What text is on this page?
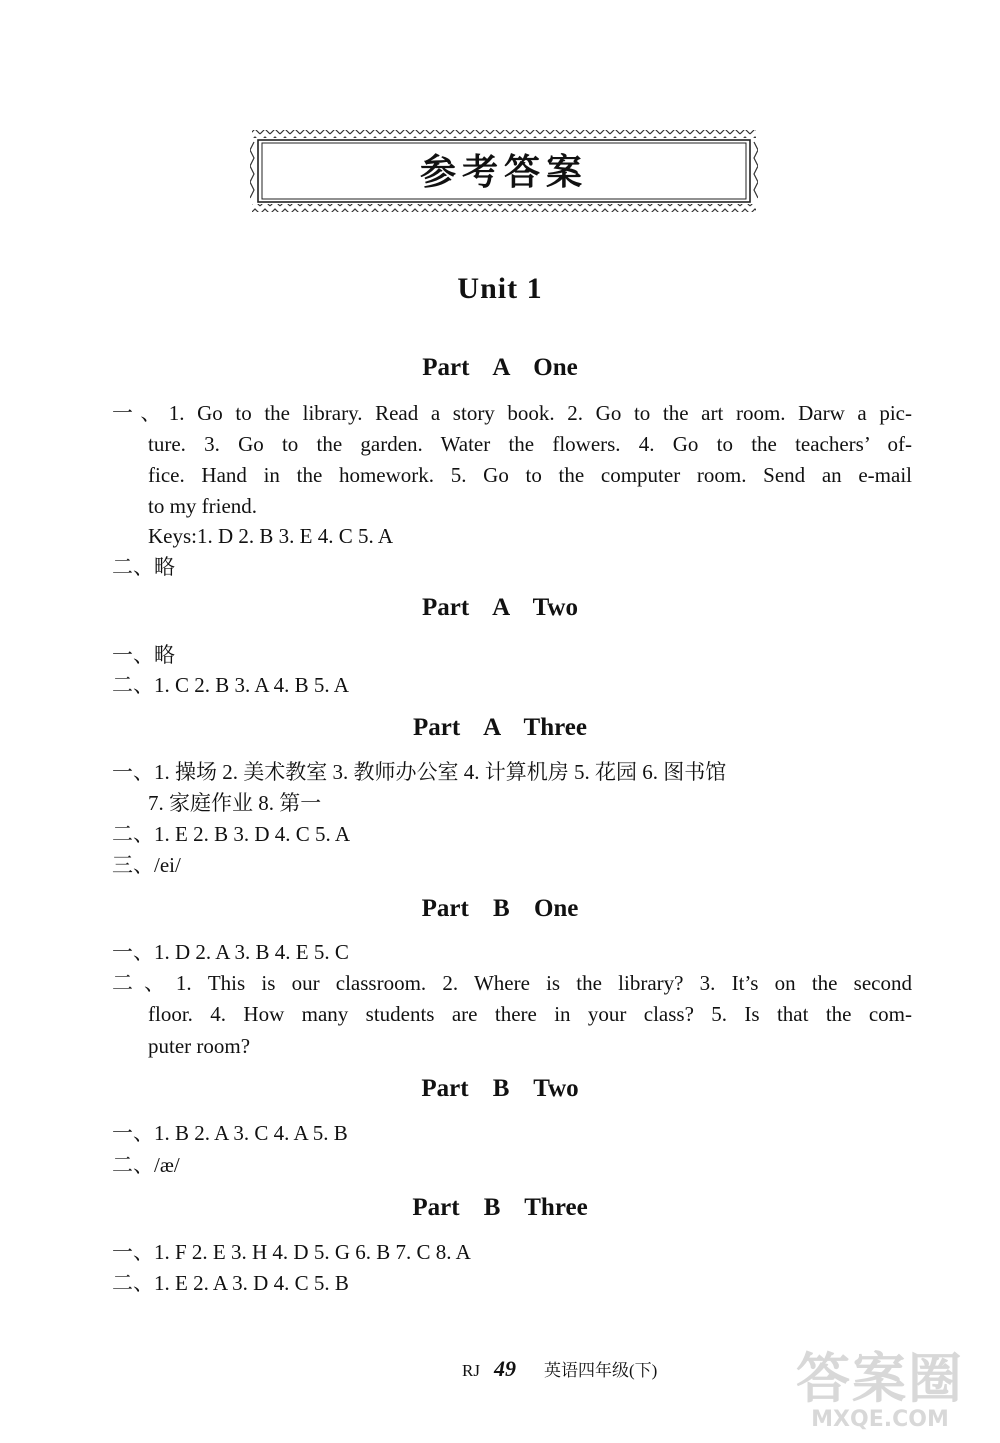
参考答案
Unit 1
Part A One
一、1. Go to the library. Read a story book. 2. Go to the art room. Darw a pic-
ture. 3. Go to the garden. Water the flowers. 4. Go to the teachers’ of-
fice. Hand in the homework. 5. Go to the computer room. Send an e-mail
to my friend.
Keys:1. D 2. B 3. E 4. C 5. A
二、略
Part A Two
一、略
二、1. C 2. B 3. A 4. B 5. A
Part A Three
一、1. 操场 2. 美术教室 3. 教师办公室 4. 计算机房 5. 花园 6. 图书馆
7. 家庭作业 8. 第一
二、1. E 2. B 3. D 4. C 5. A
三、/ei/
Part B One
一、1. D 2. A 3. B 4. E 5. C
二、1. This is our classroom. 2. Where is the library? 3. It’s on the second
floor. 4. How many students are there in your class? 5. Is that the com-
puter room?
Part B Two
一、1. B 2. A 3. C 4. A 5. B
二、/æ/
Part B Three
一、1. F 2. E 3. H 4. D 5. G 6. B 7. C 8. A
二、1. E 2. A 3. D 4. C 5. B
RJ 49 英语四年级(下)	答案圈
MXQE.COM
